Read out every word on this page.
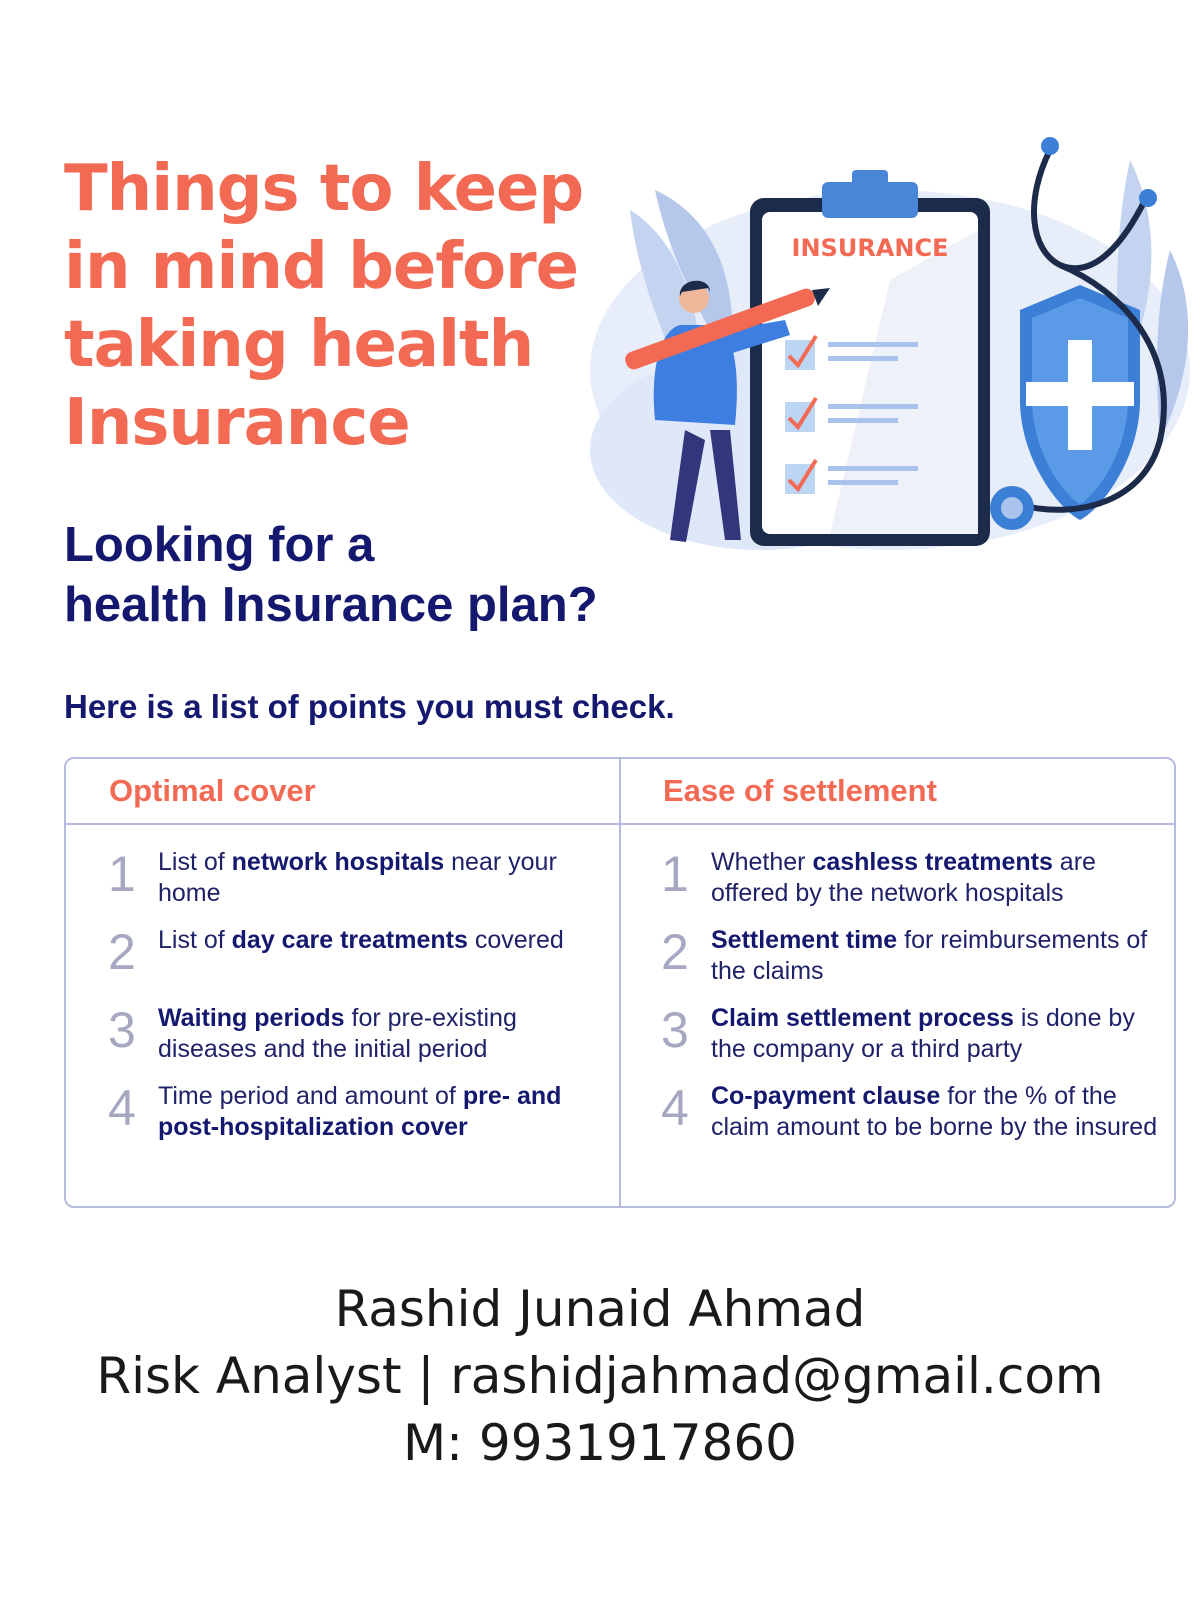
Things to keep
in mind before
taking health
Insurance
INSURANCE
Looking for a
health Insurance plan?

Here is a list of points you must check.

Optimal cover
1 List of network hospitals near your home
2 List of day care treatments covered
3 Waiting periods for pre-existing diseases and the initial period
4 Time period and amount of pre- and post-hospitalization cover
Ease of settlement
1 Whether cashless treatments are offered by the network hospitals
2 Settlement time for reimbursements of the claims
3 Claim settlement process is done by the company or a third party
4 Co-payment clause for the % of the claim amount to be borne by the insured

Rashid Junaid Ahmad

Risk Analyst | rashidjahmad@gmail.com

M: 9931917860
